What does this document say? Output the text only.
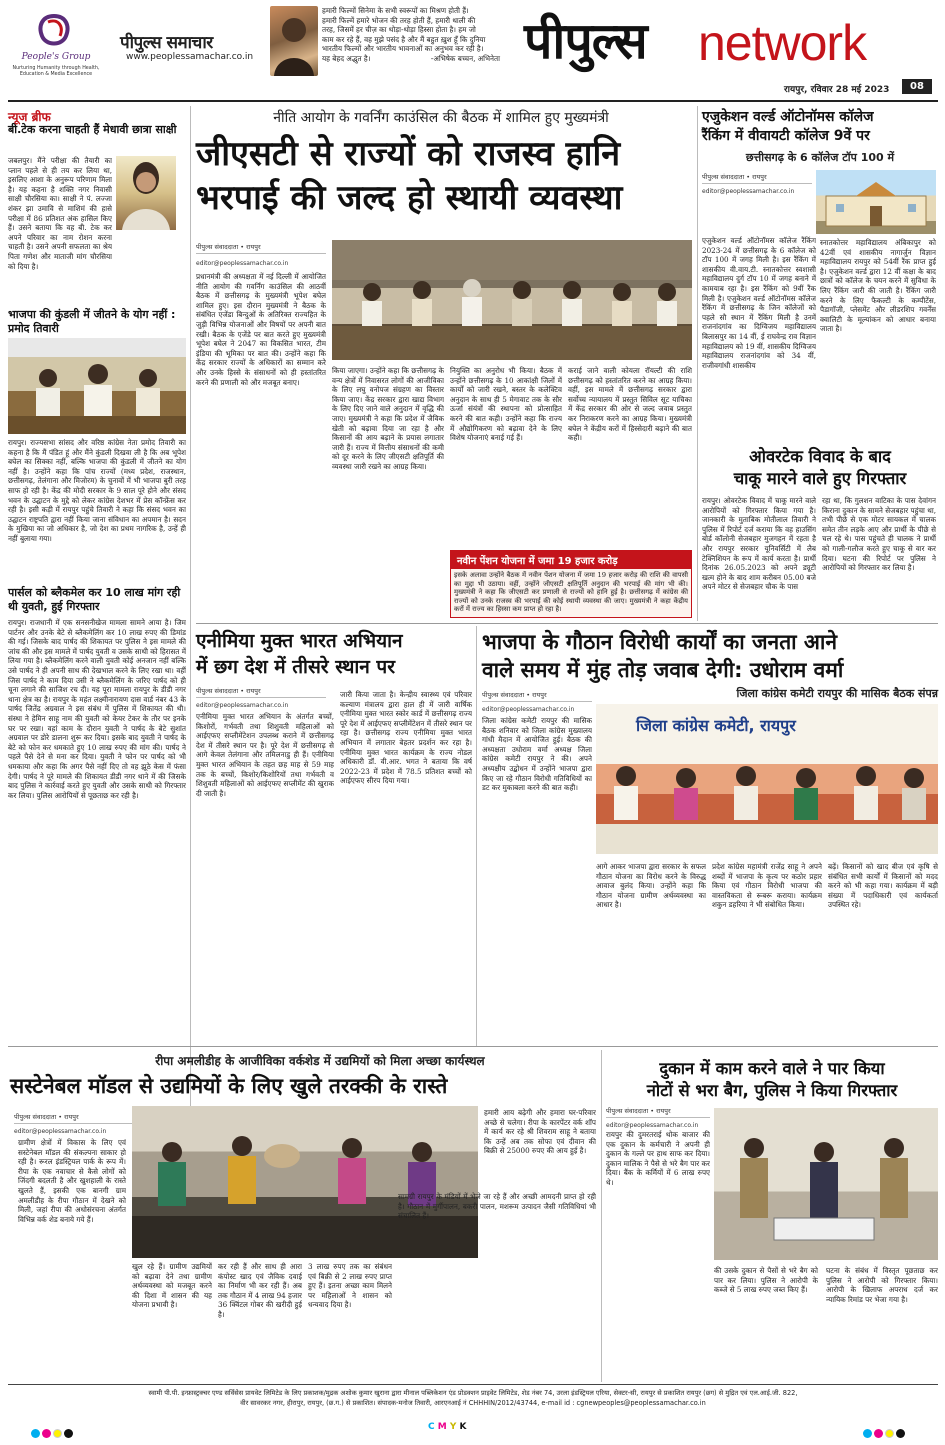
People's Group
Nurturing Humanity through Health, Education & Media Excellence
पीपुल्स समाचार
www.peoplessamachar.co.in
हमारी फिल्मों सिनेमा के सभी स्वरूपों का मिश्रण होती हैं।
हमारी फिल्में हमारे भोजन की तरह होती हैं, हमारी थाली की
तरह, जिसमें हर चीज़ का थोड़ा-थोड़ा हिस्सा होता है। हम जो
काम कर रहे हैं, वह मुझे पसंद है और मैं बहुत ख़ुश हूँ कि दुनिया
भारतीय फिल्मों और भारतीय भावनाओं का अनुभव कर रही है।
यह बेहद अद्भुत है।	-अभिषेक बच्चन, अभिनेता पीपुल्स network
रायपुर, रविवार 28 मई 2023	08
न्यूज ब्रीफ
बी.टेक करना चाहती हैं मेधावी छात्रा साक्षी
जबलपुर। मैंने परीक्षा की तैयारी का प्लान पहले से ही तय कर लिया था, इसलिए आशा के अनुरूप परिणाम मिला है। यह कहना है शक्ति नगर निवासी साक्षी चौरसिया का। साक्षी ने पं. लज्जा शंकर झा उमावि से माशिमं की हासे परीक्षा में 86 प्रतिशत अंक हासिल किए हैं। उसने बताया कि वह बी. टेक कर अपने परिवार का नाम रोशन करना चाहती है। उसने अपनी सफलता का श्रेय पिता गणेश और माताजी मांग चौरसिया को दिया है।
भाजपा की कुंडली में जीतने के योग नहीं : प्रमोद तिवारी
रायपुर। राज्यसभा सांसद और वरिष्ठ कांग्रेस नेता प्रमोद तिवारी का कहना है कि मैं पंडित हूं और मैंने कुंडली दिखवा ली है कि अब भूपेश बघेल का सिक्का नहीं, बल्कि भाजपा की कुंडली में जीतने का योग नहीं है। उन्होंने कहा कि पांच राज्यों (मध्य प्रदेश, राजस्थान, छत्तीसगढ़, तेलंगाना और मिजोरम) के चुनावों में भी भाजपा बुरी तरह साफ हो रही है। केंद्र की मोदी सरकार के 9 साल पूरे होने और संसद भवन के उद्घाटन के मुद्दे को लेकर कांग्रेस देशभर में प्रेस कॉन्फ्रेंस कर रही है। इसी कड़ी में रायपुर पहुंचे तिवारी ने कहा कि संसद भवन का उद्घाटन राष्ट्रपति द्वारा नहीं किया जाना संविधान का अपमान है। सदन के मुखिया का जो अधिकार है, जो देश का प्रथम नागरिक है, उन्हें ही नहीं बुलाया गया।
पार्सल को ब्लैकमेल कर 10 लाख मांग रही थी युवती, हुई गिरफ्तार
रायपुर। राजधानी में एक सनसनीखेज मामला सामने आया है। जिम पार्टनर और उनके बेटे से ब्लैकमेलिंग कर 10 लाख रुपए की डिमांड की गई। जिसके बाद पार्षद की शिकायत पर पुलिस ने इस मामले की जांच की और इस मामले में पार्षद युवती व उसके साथी को हिरासत में लिया गया है। ब्लैकमेलिंग करने वाली युवती कोई अनजान नहीं बल्कि उसे पार्षद ने ही अपनी साथ की देखभाल करने के लिए रखा था। वहीं जिस पार्षद ने काम दिया उसी ने ब्लैकमेलिंग के जरिए पार्षद को ही चूना लगाने की साजिश रच दी। यह पूरा मामला रायपुर के डीडी नगर थाना क्षेत्र का है। रायपुर के महंत लक्ष्मीनारायण दास वार्ड नंबर 43 के पार्षद जितेंद्र अग्रवाल ने इस संबंध में पुलिस में शिकायत की थी। संस्था ने हेमिन साहू नाम की युवती को केयर टेकर के तौर पर इनके घर पर रखा। वहां काम के दौरान युवती ने पार्षद के बेटे सुशांत अग्रवाल पर डोरे डालना शुरू कर दिया। इसके बाद युवती ने पार्षद के बेटे को फोन कर धमकाते हुए 10 लाख रुपए की मांग की। पार्षद ने पहले पैसे देने से मना कर दिया। युवती ने फोन पर पार्षद को भी धमकाया और कहा कि अगर पैसे नहीं दिए तो वह झूठे केस में फंसा देगी। पार्षद ने पूरे मामले की शिकायत डीडी नगर थाने में की जिसके बाद पुलिस ने कार्रवाई करते हुए युवती और उसके साथी को गिरफ्तार कर लिया। पुलिस आरोपियों से पूछताछ कर रही है।
नीति आयोग के गवर्निंग काउंसिल की बैठक में शामिल हुए मुख्यमंत्री
जीएसटी से राज्यों को राजस्व हानि
भरपाई की जल्द हो स्थायी व्यवस्था
पीपुल्स संवाददाता • रायपुर
editor@peoplessamachar.co.in
प्रधानमंत्री की अध्यक्षता में नई दिल्ली में आयोजित नीति आयोग की गवर्निंग काउंसिल की आठवीं बैठक में छत्तीसगढ़ के मुख्यमंत्री भूपेश बघेल शामिल हुए। इस दौरान मुख्यमंत्री ने बैठक के संबंधित एजेंडा बिन्दुओं के अतिरिक्त राज्यहित के जुड़ी विभिन्न योजनाओं और विषयों पर अपनी बात रखी। बैठक के एजेंडे पर बात करते हुए मुख्यमंत्री भूपेश बघेल ने 2047 का विकसित भारत, टीम इंडिया की भूमिका पर बात की। उन्होंने कहा कि केंद्र सरकार राज्यों के अधिकारों का सम्मान करे और उनके हिस्से के संसाधनों को ही हस्तांतरित करने की प्रणाली को और मजबूत बनाए।
किया जाएगा। उन्होंने कहा कि छत्तीसगढ़ के वन्य क्षेत्रों में निवासरत लोगों की आजीविका के लिए लघु वनोपज संग्रहण का विस्तार किया जाए। केंद्र सरकार द्वारा खाद्य विभाग के लिए दिए जाने वाले अनुदान में वृद्धि की जाए। मुख्यमंत्री ने कहा कि प्रदेश में जैविक खेती को बढ़ावा दिया जा रहा है और किसानों की आय बढ़ाने के प्रयास लगातार जारी हैं। राज्य में वित्तीय संसाधनों की कमी को दूर करने के लिए जीएसटी क्षतिपूर्ति की व्यवस्था जारी रखने का आग्रह किया।
नियुक्ति का अनुरोध भी किया। बैठक में उन्होंने छत्तीसगढ़ के 10 आकांक्षी जिलों में कार्यों को जारी रखने, बस्तर के कलेक्टिव अनुदान के साथ ही 5 मेगावाट तक के सौर ऊर्जा संयंत्रों की स्थापना को प्रोत्साहित करने की बात कही। उन्होंने कहा कि राज्य में औद्योगिकरण को बढ़ावा देने के लिए विशेष योजनाएं बनाई गई हैं।
कराई जाने वाली कोयला रॉयल्टी की राशि छत्तीसगढ़ को हस्तांतरित करने का आग्रह किया। वहीं, इस मामले में छत्तीसगढ़ सरकार द्वारा सर्वोच्च न्यायालय में प्रस्तुत सिविल सूट याचिका में केंद्र सरकार की ओर से जल्द जवाब प्रस्तुत कर निराकरण करने का आग्रह किया। मुख्यमंत्री बघेल ने केंद्रीय करों में हिस्सेदारी बढ़ाने की बात कही।
नवीन पेंशन योजना में जमा 19 हजार करोड़
इसके अलावा उन्होंने बैठक में नवीन पेंशन योजना में जमा 19 हजार करोड़ की राशि की वापसी का मुद्दा भी उठाया। वहीं, उन्होंने जीएसटी क्षतिपूर्ति अनुदान की भरपाई की मांग भी की। मुख्यमंत्री ने कहा कि जीएसटी कर प्रणाली से राज्यों को हानि हुई है। छत्तीसगढ़ में कांग्रेस की राज्यों को उनके राजस्व की भरपाई की कोई स्थायी व्यवस्था की जाए। मुख्यमंत्री ने कहा केंद्रीय करों में राज्य का हिस्सा कम प्राप्त हो रहा है।
एजुकेशन वर्ल्ड ऑटोनॉमस कॉलेज
रैंकिंग में वीवायटी कॉलेज 9वें पर
छत्तीसगढ़ के 6 कॉलेज टॉप 100 में
पीपुल्स संवाददाता • रायपुर
editor@peoplessamachar.co.in
एजुकेशन वर्ल्ड ऑटोनॉमस कॉलेज रैंकिंग 2023-24 में छत्तीसगढ़ के 6 कॉलेज को टॉप 100 में जगह मिली है। इस रैंकिंग में शासकीय वी.वाय.टी. स्नातकोत्तर स्वशासी महाविद्यालय दुर्ग टॉप 10 में जगह बनाने में कामयाब रहा है। इस रैंकिंग को 9वीं रैंक मिली है। एजुकेशन वर्ल्ड ऑटोनॉमस कॉलेज रैंकिंग में छत्तीसगढ़ के जिन कॉलेजों को पहले सौ स्थान में रैंकिंग मिली है उनमें राजनांदगांव का दिग्विजय महाविद्यालय बिलासपुर का 14 वीं, ई राघवेन्द्र राव विज्ञान महाविद्यालय को 19 वीं, शासकीय दिग्विजय महाविद्यालय राजनांदगांव को 34 वीं, राजीवगांधी शासकीय
स्नातकोत्तर महाविद्यालय अंबिकापुर को 42वीं एवं शासकीय नागार्जुन विज्ञान महाविद्यालय रायपुर को 54वीं रैंक प्राप्त हुई है। एजुकेशन वर्ल्ड द्वारा 12 वीं कक्षा के बाद छात्रों को कॉलेज के चयन करने में सुविधा के लिए रैंकिंग जारी की जाती है। रैंकिंग जारी करने के लिए फैकल्टी के कम्पीटेंस, पैडागॉजी, प्लेसमेंट और लीडरशिप गवर्नेंस क्वालिटी के मूल्यांकन को आधार बनाया जाता है।
ओवरटेक विवाद के बाद
चाकू मारने वाले हुए गिरफ्तार
रायपुर। ओवरटेक विवाद में चाकू मारने वाले आरोपियों को गिरफ्तार किया गया है। जानकारी के मुताबिक मोतीलाल तिवारी ने पुलिस में रिपोर्ट दर्ज कराया कि वह हाउसिंग बोर्ड कॉलोनी सेजबहार मुजगहन में रहता है और रायपुर सरकार यूनिवर्सिटी में लैब टेक्निशियन के रूप में कार्य करता है। प्रार्थी दिनांक 26.05.2023 को अपने ड्यूटी खत्म होने के बाद शाम करीबन 05.00 बजे अपने मोटर से सेजबहार चौक के पास
रहा था, कि गुलशन वाटिका के पास देवांगन किराना दुकान के सामने सेजबहार पहुंचा था, तभी पीछे से एक मोटर सायकल में चालक समेत तीन लड़के आए और प्रार्थी के पीछे से चल रहे थे। पास पहुंचते ही चालक ने प्रार्थी को गाली-गलौज करते हुए चाकू से वार कर दिया। घटना की रिपोर्ट पर पुलिस ने आरोपियों को गिरफ्तार कर लिया है।
एनीमिया मुक्त भारत अभियान
में छग देश में तीसरे स्थान पर
पीपुल्स संवाददाता • रायपुर
editor@peoplessamachar.co.in
एनीमिया मुक्त भारत अभियान के अंतर्गत बच्चों, किशोरों, गर्भवती तथा शिशुवती महिलाओं को आईएफए सप्लीमेंटेशन उपलब्ध कराने में छत्तीसगढ़ देश में तीसरे स्थान पर है। पूरे देश में छत्तीसगढ़ से आगे केवल तेलंगाना और तमिलनाडु ही हैं। एनीमिया मुक्त भारत अभियान के तहत छह माह से 59 माह तक के बच्चों, किशोर/किशोरियों तथा गर्भवती व शिशुवती महिलाओं को आईएफए सप्लीमेंट की खुराक दी जाती है।
जारी किया जाता है। केन्द्रीय स्वास्थ्य एवं परिवार कल्याण मंत्रालय द्वारा हाल ही में जारी वार्षिक एनीमिया मुक्त भारत स्कोर कार्ड में छत्तीसगढ़ राज्य पूरे देश में आईएफए सप्लीमेंटेशन में तीसरे स्थान पर रहा है। छत्तीसगढ़ राज्य एनीमिया मुक्त भारत अभियान में लगातार बेहतर प्रदर्शन कर रहा है। एनीमिया मुक्त भारत कार्यक्रम के राज्य नोडल अधिकारी डॉ. वी.आर. भगत ने बताया कि वर्ष 2022-23 में प्रदेश में 78.5 प्रतिशत बच्चों को आईएफए सीरप दिया गया।
भाजपा के गौठान विरोधी कार्यों का जनता आने
वाले समय में मुंह तोड़ जवाब देगी: उधोराम वर्मा
जिला कांग्रेस कमेटी रायपुर की मासिक बैठक संपन्न
पीपुल्स संवाददाता • रायपुर
editor@peoplessamachar.co.in
जिला कांग्रेस कमेटी रायपुर की मासिक बैठक शनिवार को जिला कांग्रेस मुख्यालय गांधी मैदान में आयोजित हुई। बैठक की अध्यक्षता उधोराम वर्मा अध्यक्ष जिला कांग्रेस कमेटी रायपुर ने की। अपने अध्यक्षीय उद्बोधन में उन्होंने भाजपा द्वारा किए जा रहे गौठान विरोधी गतिविधियों का डट कर मुकाबला करने की बात कही।
जिला कांग्रेस कमेटी, रायपुर
आगे आकर भाजपा द्वारा सरकार के सफल गौठान योजना का विरोध करने के विरुद्ध आवाज बुलंद किया। उन्होंने कहा कि गौठान योजना ग्रामीण अर्थव्यवस्था का आधार है।
प्रदेश कांग्रेस महामंत्री राजेंद्र साहू ने अपने शब्दों में भाजपा के कृत्य पर कठोर प्रहार किया एवं गौठान विरोधी भाजपा की वास्तविकता से रूबरू कराया। कार्यक्रम शकुन डहरिया ने भी संबोधित किया।
बढ़ें। किसानों को खाद बीज एवं कृषि से संबंधित सभी कार्यों में किसानों को मदद करने को भी कहा गया। कार्यक्रम में बड़ी संख्या में पदाधिकारी एवं कार्यकर्ता उपस्थित रहे।
रीपा अमलीडीह के आजीविका वर्कशेड में उद्यमियों को मिला अच्छा कार्यस्थल
सस्टेनेबल मॉडल से उद्यमियों के लिए खुले तरक्की के रास्ते
पीपुल्स संवाददाता • रायपुर
editor@peoplessamachar.co.in
हमारी आय बढ़ेगी और हमारा घर-परिवार अच्छे से चलेगा। रीपा के कारपेंटर वर्क शॉप में कार्य कर रहे श्री शिवराम साहू ने बताया कि उन्हें अब तक सोफा एवं दीवान की बिक्री से 25000 रुपए की आय हुई है।
ग्रामीण क्षेत्रों में विकास के लिए एवं सस्टेनेबल मॉडल की संकल्पना साकार हो रही है। रूरल इंडस्ट्रियल पार्क के रूप में। रीपा के एक नवाचार से कैसे लोगों को जिंदगी बदलती है और खुशहाली के रास्ते खुलते हैं, इसकी एक बानगी ग्राम अमलीडीह के रीपा गौठान में देखने को मिली, जहां रीपा की अधोसंरचना अंतर्गत विभिन्न वर्क शेड बनाये गये हैं।
खुल रहे हैं। ग्रामीण उद्यमियों को बढ़ावा देने तथा ग्रामीण अर्थव्यवस्था को मजबूत करने की दिशा में शासन की यह योजना प्रभावी है।
कर रही हैं और साथ ही आरा कंपोस्ट खाद एवं जैविक दवाई का निर्माण भी कर रही हैं। अब तक गौठान में 4 लाख 94 हजार 36 क्विंटल गोबर की खरीदी हुई है।
3 लाख रुपए तक का संबंधन एवं बिक्री से 2 लाख रुपए प्राप्त हुए हैं। इतना अच्छा काम मिलने पर महिलाओं ने शासन को धन्यवाद दिया है।
सामग्री रायपुर के मंडियों में भेजे जा रहे हैं और अच्छी आमदनी प्राप्त हो रही है। गौठान में मुर्गीपालन, बकरी पालन, मशरूम उत्पादन जैसी गतिविधियां भी संचालित हैं।
दुकान में काम करने वाले ने पार किया
नोटों से भरा बैग, पुलिस ने किया गिरफ्तार
पीपुल्स संवाददाता • रायपुर
editor@peoplessamachar.co.in
रायपुर की दुमरतराई थोक बाजार की एक दुकान के कर्मचारी ने अपनी ही दुकान के गल्ले पर हाथ साफ कर दिया। दुकान मालिक ने पैसे से भरे बैग पार कर दिया। बैंक के कर्मियों में 6 लाख रुपए थे।
की उसके दुकान से पैसों से भरे बैग को पार कर लिया। पुलिस ने आरोपी के कब्जे से 5 लाख रुपए जब्त किए हैं।
घटना के संबंध में विस्तृत पूछताछ कर पुलिस ने आरोपी को गिरफ्तार किया। आरोपी के खिलाफ अपराध दर्ज कर न्यायिक रिमांड पर भेजा गया है।
स्वामी पी.पी. इन्फ्रास्ट्रक्चर एण्ड सर्विसेस प्रायवेट लिमिटेड के लिए प्रकाशक/मुद्रक अशोक कुमार खुराना द्वारा मीनाल पब्लिकेशन एंड प्रोडक्शन प्राइवेट लिमिटेड, शेड नंबर 74, उरला इंडस्ट्रियल एरिया, सेक्टर-सी, रायपुर से प्रकाशित रायपुर (छग) से मुद्रित एवं एल.आई.जी. 822,
वीर सावरकर नगर, हीरापुर, रायपुर, (छ.ग.) से प्रकाशित। संपादक-मनोज तिवारी, आरएनआई नं CHHHIN/2012/43744, e-mail id : cgnewpeoples@peoplessamachar.co.in
C M Y K
